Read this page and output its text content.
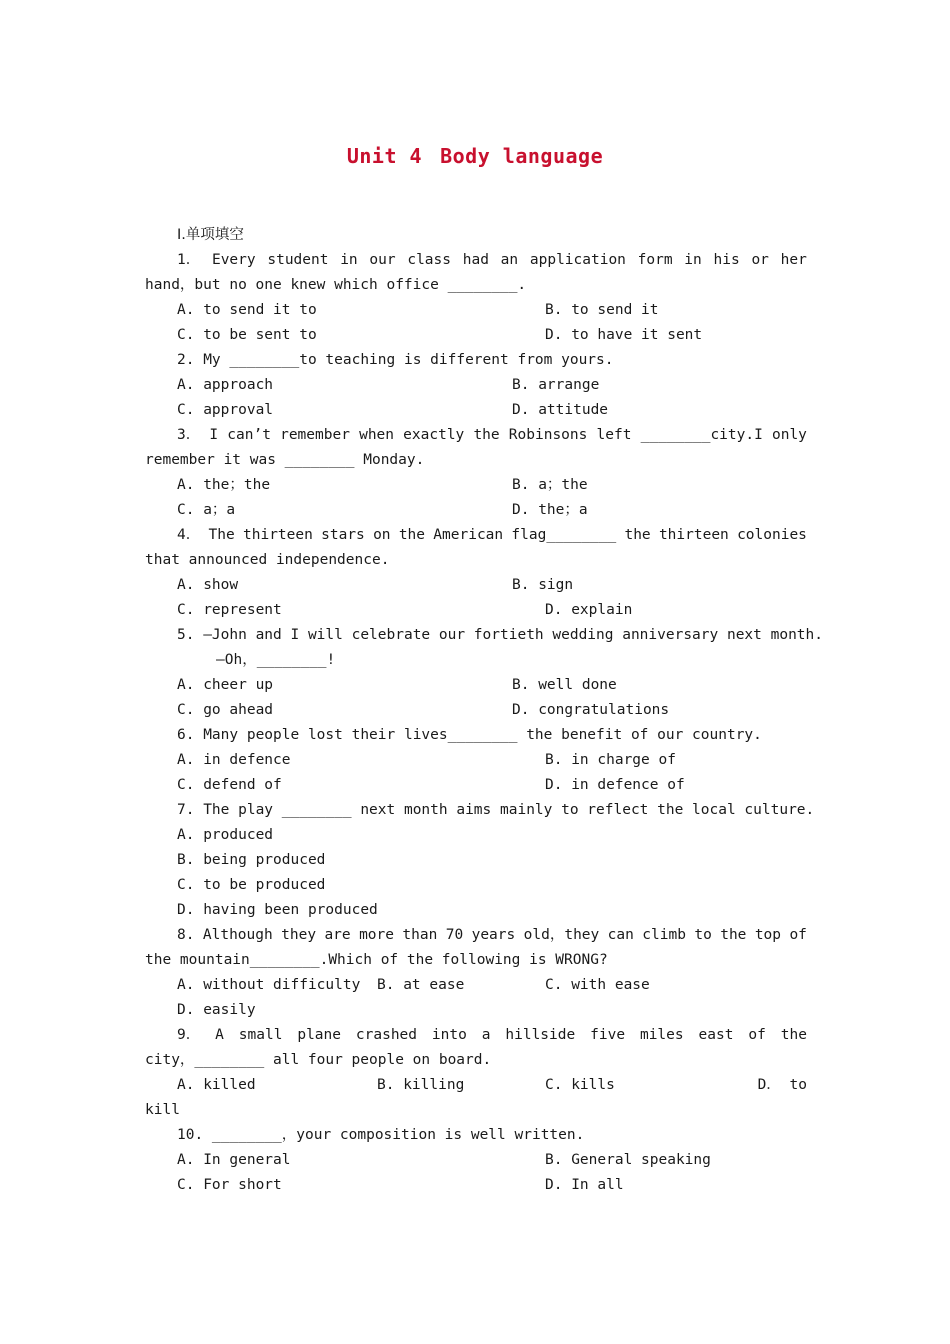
Unit 4 Body language
Ⅰ.单项填空
1． Every student in our class had an application form in his or her
hand，but no one knew which office ________.
A. to send it to	B. to send it
C. to be sent to	D. to have it sent
2. My ________to teaching is different from yours.
A. approach	B. arrange
C. approval	D. attitude
3． I can’t remember when exactly the Robinsons left ________city.I only
remember it was ________ Monday.
A. the；the	B. a；the
C. a；a	D. the；a
4． The thirteen stars on the American flag________ the thirteen colonies
that announced independence.
A. show	B. sign
C. represent	D. explain
5. —John and I will celebrate our fortieth wedding anniversary next month.
—Oh，________!
A. cheer up	B. well done
C. go ahead	D. congratulations
6. Many people lost their lives________ the benefit of our country.
A. in defence	B. in charge of
C. defend of	D. in defence of
7. The play ________ next month aims mainly to reflect the local culture.
A. produced
B. being produced
C. to be produced
D. having been produced
8. Although they are more than 70 years old，they can climb to the top of
the mountain________.Which of the following is WRONG?
A. without difficulty	B. at ease	C. with ease
D. easily
9． A small plane crashed into a hillside five miles east of the
city，________ all four people on board.
A. killed	B. killing	C. kills	D． to
kill
10. ________，your composition is well written.
A. In general	B. General speaking
C. For short	D. In all
